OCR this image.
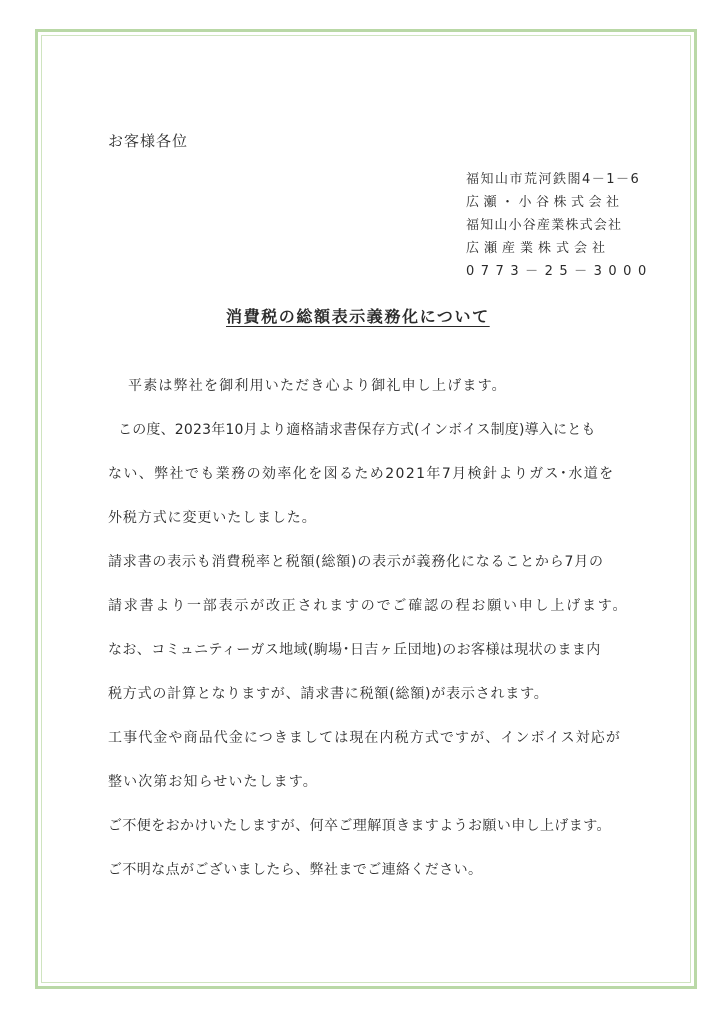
お客様各位
福知山市荒河鉄閤4－1－6
広瀬・小谷株式会社
福知山小谷産業株式会社
広瀬産業株式会社
0773－25－3000
消費税の総額表示義務化について
平素は弊社を御利用いただき心より御礼申し上げます。
この度、2023年10月より適格請求書保存方式(インボイス制度)導入にとも
ない、弊社でも業務の効率化を図るため2021年7月検針よりガス･水道を
外税方式に変更いたしました。
請求書の表示も消費税率と税額(総額)の表示が義務化になることから7月の
請求書より一部表示が改正されますのでご確認の程お願い申し上げます。
なお、コミュニティーガス地域(駒場･日吉ヶ丘団地)のお客様は現状のまま内
税方式の計算となりますが、請求書に税額(総額)が表示されます。
工事代金や商品代金につきましては現在内税方式ですが、インボイス対応が
整い次第お知らせいたします。
ご不便をおかけいたしますが、何卒ご理解頂きますようお願い申し上げます。
ご不明な点がございましたら、弊社までご連絡ください。
